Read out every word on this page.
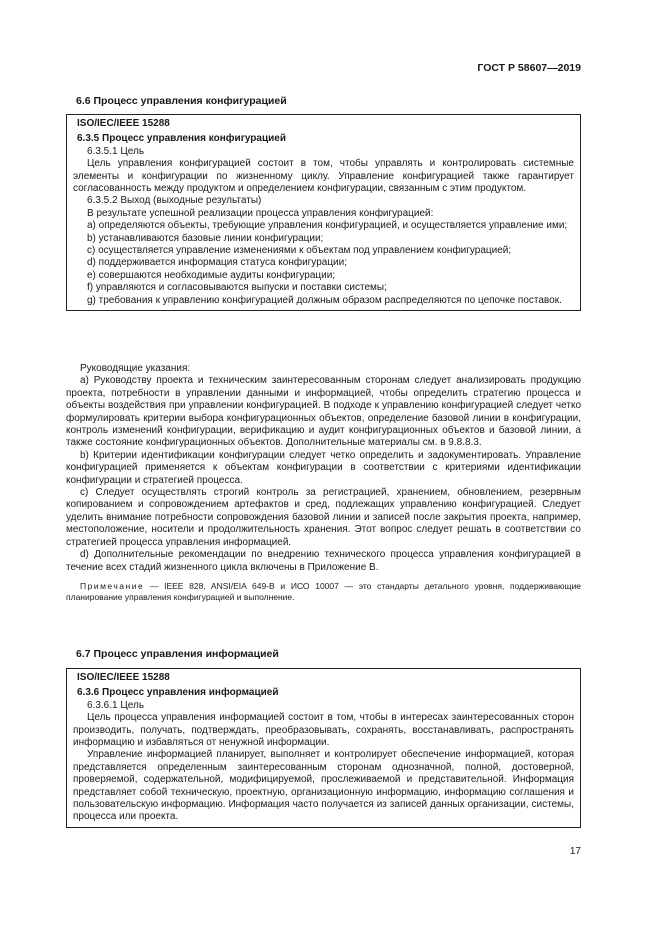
ГОСТ Р 58607—2019
6.6 Процесс управления конфигурацией
ISO/IEC/IEEE 15288
6.3.5 Процесс управления конфигурацией

6.3.5.1 Цель

Цель управления конфигурацией состоит в том, чтобы управлять и контролировать системные элементы и конфигурации по жизненному циклу. Управление конфигурацией также гарантирует согласованность между продуктом и определением конфигурации, связанным с этим продуктом.

6.3.5.2 Выход (выходные результаты)

В результате успешной реализации процесса управления конфигурацией:

a) определяются объекты, требующие управления конфигурацией, и осуществляется управление ими;

b) устанавливаются базовые линии конфигурации;

c) осуществляется управление изменениями к объектам под управлением конфигурацией;

d) поддерживается информация статуса конфигурации;

e) совершаются необходимые аудиты конфигурации;

f) управляются и согласовываются выпуски и поставки системы;

g) требования к управлению конфигурацией должным образом распределяются по цепочке поставок.

Руководящие указания:

a) Руководству проекта и техническим заинтересованным сторонам следует анализировать продукцию проекта, потребности в управлении данными и информацией, чтобы определить стратегию процесса и объекты воздействия при управлении конфигурацией. В подходе к управлению конфигурацией следует четко формулировать критерии выбора конфигурационных объектов, определение базовой линии в конфигурации, контроль изменений конфигурации, верификацию и аудит конфигурационных объектов и базовой линии, а также состояние конфигурационных объектов. Дополнительные материалы см. в 9.8.8.3.

b) Критерии идентификации конфигурации следует четко определить и задокументировать. Управление конфигурацией применяется к объектам конфигурации в соответствии с критериями идентификации конфигурации и стратегией процесса.

c) Следует осуществлять строгий контроль за регистрацией, хранением, обновлением, резервным копированием и сопровождением артефактов и сред, подлежащих управлению конфигурацией. Следует уделить внимание потребности сопровождения базовой линии и записей после закрытия проекта, например, местоположение, носители и продолжительность хранения. Этот вопрос следует решать в соответствии со стратегией процесса управления информацией.

d) Дополнительные рекомендации по внедрению технического процесса управления конфигурацией в течение всех стадий жизненного цикла включены в Приложение В.

Примечание — IEEE 828, ANSI/EIA 649-B и ИСО 10007 — это стандарты детального уровня, поддерживающие планирование управления конфигурацией и выполнение.

6.7 Процесс управления информацией
ISO/IEC/IEEE 15288
6.3.6 Процесс управления информацией

6.3.6.1 Цель

Цель процесса управления информацией состоит в том, чтобы в интересах заинтересованных сторон производить, получать, подтверждать, преобразовывать, сохранять, восстанавливать, распространять информацию и избавляться от ненужной информации.

Управление информацией планирует, выполняет и контролирует обеспечение информацией, которая представляется определенным заинтересованным сторонам однозначной, полной, достоверной, проверяемой, содержательной, модифицируемой, прослеживаемой и представительной. Информация представляет собой техническую, проектную, организационную информацию, информацию соглашения и пользовательскую информацию. Информация часто получается из записей данных организации, системы, процесса или проекта.

17
